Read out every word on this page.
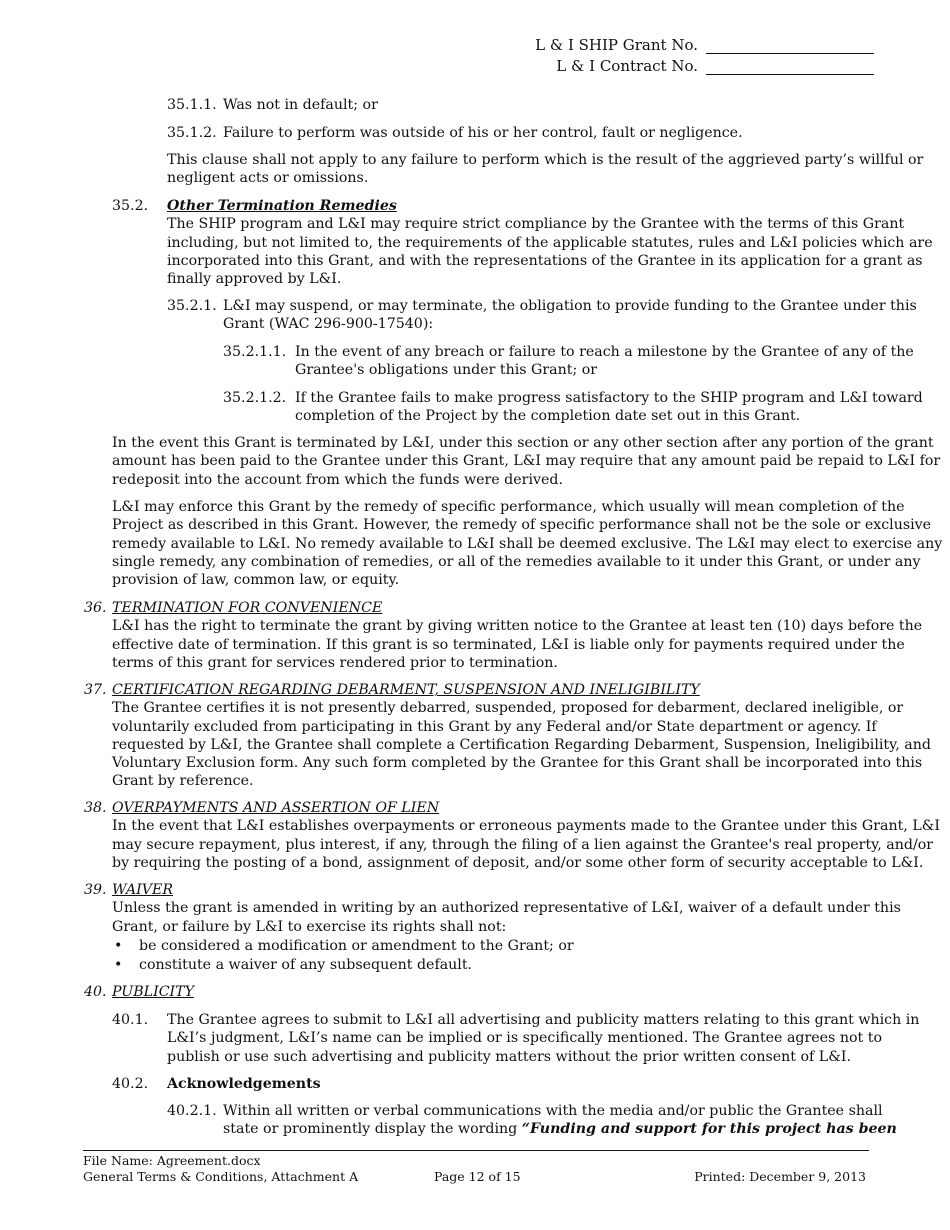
L & I SHIP Grant No.
L & I Contract No.
35.1.1. Was not in default; or

35.1.2. Failure to perform was outside of his or her control, fault or negligence.

This clause shall not apply to any failure to perform which is the result of the aggrieved party’s willful or

negligent acts or omissions.

35.2. Other Termination Remedies

The SHIP program and L&I may require strict compliance by the Grantee with the terms of this Grant

including, but not limited to, the requirements of the applicable statutes, rules and L&I policies which are

incorporated into this Grant, and with the representations of the Grantee in its application for a grant as

finally approved by L&I.

35.2.1. L&I may suspend, or may terminate, the obligation to provide funding to the Grantee under this

Grant (WAC 296-900-17540):

35.2.1.1. In the event of any breach or failure to reach a milestone by the Grantee of any of the

Grantee's obligations under this Grant; or

35.2.1.2. If the Grantee fails to make progress satisfactory to the SHIP program and L&I toward

completion of the Project by the completion date set out in this Grant.

In the event this Grant is terminated by L&I, under this section or any other section after any portion of the grant

amount has been paid to the Grantee under this Grant, L&I may require that any amount paid be repaid to L&I for

redeposit into the account from which the funds were derived.

L&I may enforce this Grant by the remedy of specific performance, which usually will mean completion of the

Project as described in this Grant. However, the remedy of specific performance shall not be the sole or exclusive

remedy available to L&I. No remedy available to L&I shall be deemed exclusive. The L&I may elect to exercise any

single remedy, any combination of remedies, or all of the remedies available to it under this Grant, or under any

provision of law, common law, or equity.

36. TERMINATION FOR CONVENIENCE

L&I has the right to terminate the grant by giving written notice to the Grantee at least ten (10) days before the

effective date of termination. If this grant is so terminated, L&I is liable only for payments required under the

terms of this grant for services rendered prior to termination.

37. CERTIFICATION REGARDING DEBARMENT, SUSPENSION AND INELIGIBILITY

The Grantee certifies it is not presently debarred, suspended, proposed for debarment, declared ineligible, or

voluntarily excluded from participating in this Grant by any Federal and/or State department or agency. If

requested by L&I, the Grantee shall complete a Certification Regarding Debarment, Suspension, Ineligibility, and

Voluntary Exclusion form. Any such form completed by the Grantee for this Grant shall be incorporated into this

Grant by reference.

38. OVERPAYMENTS AND ASSERTION OF LIEN

In the event that L&I establishes overpayments or erroneous payments made to the Grantee under this Grant, L&I

may secure repayment, plus interest, if any, through the filing of a lien against the Grantee's real property, and/or

by requiring the posting of a bond, assignment of deposit, and/or some other form of security acceptable to L&I.

39. WAIVER

Unless the grant is amended in writing by an authorized representative of L&I, waiver of a default under this

Grant, or failure by L&I to exercise its rights shall not:

• be considered a modification or amendment to the Grant; or

• constitute a waiver of any subsequent default.

40. PUBLICITY

40.1. The Grantee agrees to submit to L&I all advertising and publicity matters relating to this grant which in

L&I’s judgment, L&I’s name can be implied or is specifically mentioned. The Grantee agrees not to

publish or use such advertising and publicity matters without the prior written consent of L&I.

40.2. Acknowledgements

40.2.1. Within all written or verbal communications with the media and/or public the Grantee shall

state or prominently display the wording “Funding and support for this project has been

File Name: Agreement.docx

General Terms & Conditions, Attachment A	Page 12 of 15	Printed: December 9, 2013
